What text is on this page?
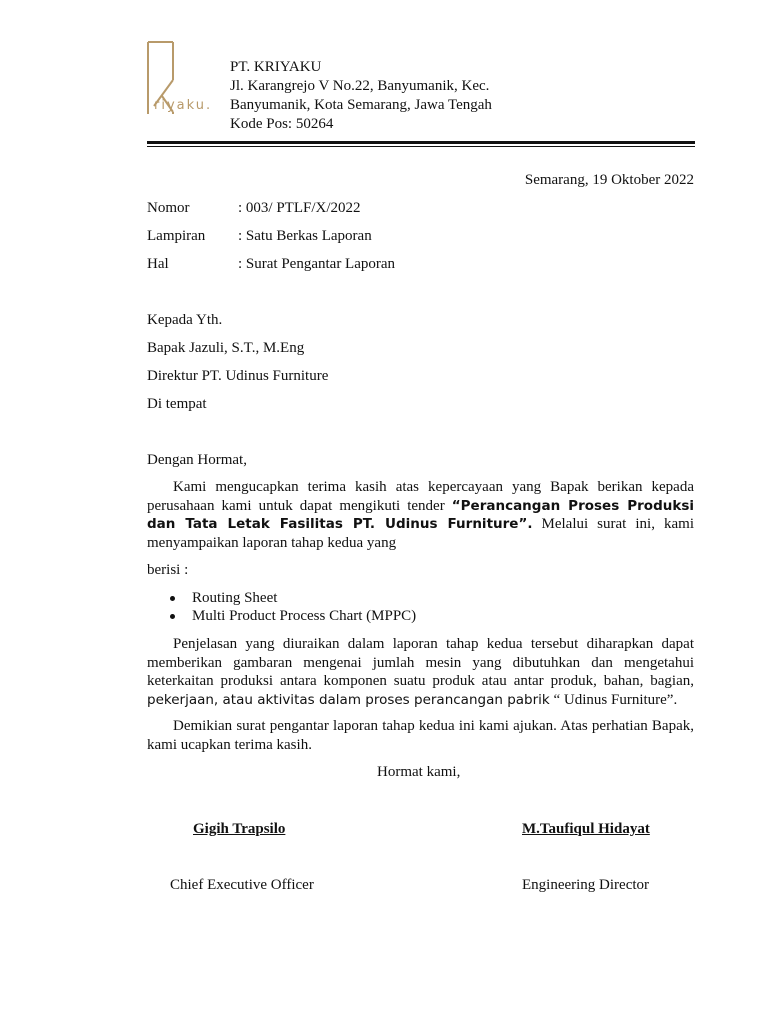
riyaku.
PT. KRIYAKU
Jl. Karangrejo V No.22, Banyumanik, Kec.
Banyumanik, Kota Semarang, Jawa Tengah
Kode Pos: 50264
Semarang, 19 Oktober 2022
Nomor	: 003/ PTLF/X/2022
Lampiran : Satu Berkas Laporan
Hal	: Surat Pengantar Laporan
Kepada Yth.
Bapak Jazuli, S.T., M.Eng
Direktur PT. Udinus Furniture
Di tempat
Dengan Hormat,
Kami mengucapkan terima kasih atas kepercayaan yang Bapak berikan kepada perusahaan kami untuk dapat mengikuti tender “Perancangan Proses Produksi dan Tata Letak Fasilitas PT. Udinus Furniture”. Melalui surat ini, kami menyampaikan laporan tahap kedua yang
berisi :
Routing Sheet
Multi Product Process Chart (MPPC)
Penjelasan yang diuraikan dalam laporan tahap kedua tersebut diharapkan dapat memberikan gambaran mengenai jumlah mesin yang dibutuhkan dan mengetahui keterkaitan produksi antara komponen suatu produk atau antar produk, bahan, bagian, pekerjaan, atau aktivitas dalam proses perancangan pabrik “ Udinus Furniture”.
Demikian surat pengantar laporan tahap kedua ini kami ajukan. Atas perhatian Bapak, kami ucapkan terima kasih.
Hormat kami,
Gigih Trapsilo	M.Taufiqul Hidayat
Chief Executive Officer	Engineering Director
